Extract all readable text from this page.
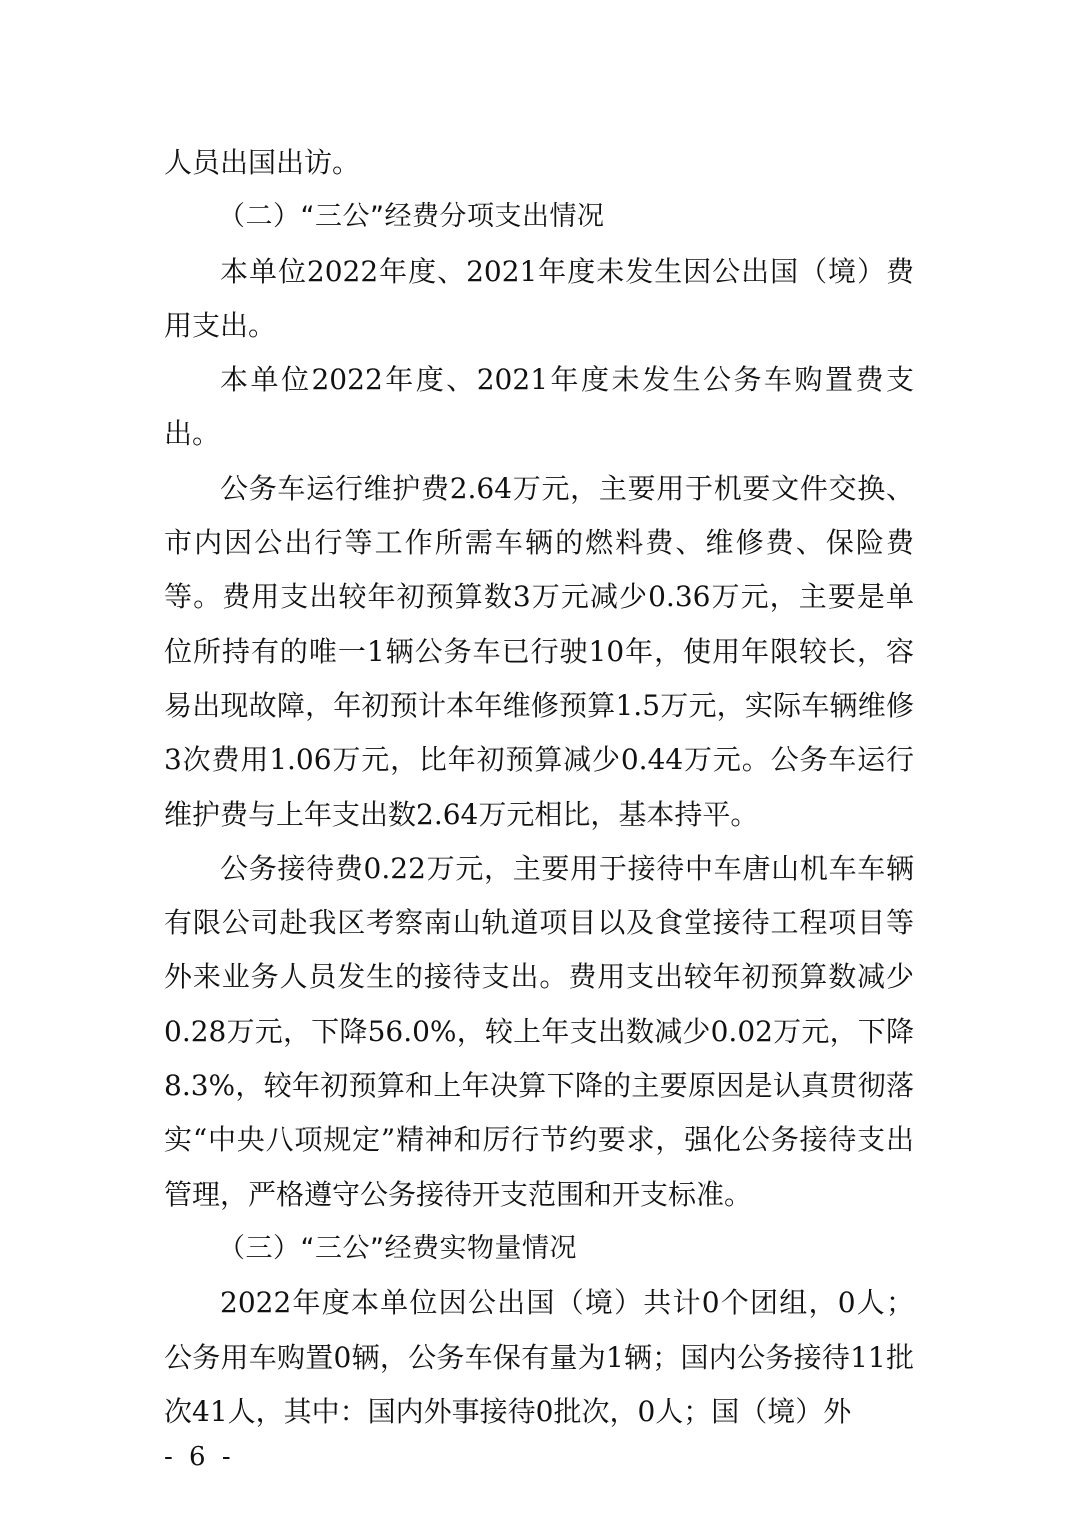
人员出国出访。

（二）“三公”经费分项支出情况

本单位2022年度、2021年度未发生因公出国（境）费用支出。

本单位2022年度、2021年度未发生公务车购置费支出。

公务车运行维护费2.64万元，主要用于机要文件交换、市内因公出行等工作所需车辆的燃料费、维修费、保险费等。费用支出较年初预算数3万元减少0.36万元，主要是单位所持有的唯一1辆公务车已行驶10年，使用年限较长，容易出现故障，年初预计本年维修预算1.5万元，实际车辆维修3次费用1.06万元，比年初预算减少0.44万元。公务车运行维护费与上年支出数2.64万元相比，基本持平。

公务接待费0.22万元，主要用于接待中车唐山机车车辆有限公司赴我区考察南山轨道项目以及食堂接待工程项目等外来业务人员发生的接待支出。费用支出较年初预算数减少0.28万元，下降56.0%，较上年支出数减少0.02万元，下降8.3%，较年初预算和上年决算下降的主要原因是认真贯彻落实“中央八项规定”精神和厉行节约要求，强化公务接待支出管理，严格遵守公务接待开支范围和开支标准。

（三）“三公”经费实物量情况

2022年度本单位因公出国（境）共计0个团组，0人；公务用车购置0辆，公务车保有量为1辆；国内公务接待11批次41人，其中：国内外事接待0批次，0人；国（境）外

- 6 -
